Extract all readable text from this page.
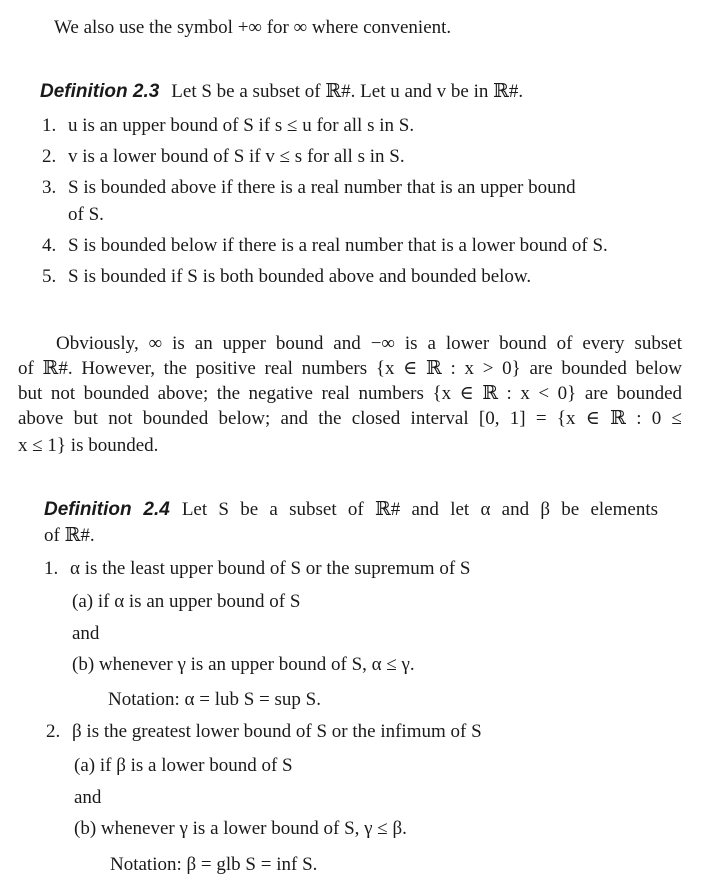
We also use the symbol +∞ for ∞ where convenient.
Definition 2.3 Let S be a subset of ℝ#. Let u and v be in ℝ#.
1. u is an upper bound of S if s ≤ u for all s in S.
2. v is a lower bound of S if v ≤ s for all s in S.
3. S is bounded above if there is a real number that is an upper bound
of S.
4. S is bounded below if there is a real number that is a lower bound of S.
5. S is bounded if S is both bounded above and bounded below.
Obviously, ∞ is an upper bound and −∞ is a lower bound of every subset
of ℝ#. However, the positive real numbers {x ∈ ℝ : x > 0} are bounded below
but not bounded above; the negative real numbers {x ∈ ℝ : x < 0} are bounded
above but not bounded below; and the closed interval [0, 1] = {x ∈ ℝ : 0 ≤
x ≤ 1} is bounded.
Definition 2.4 Let S be a subset of ℝ# and let α and β be elements
of ℝ#.
1. α is the least upper bound of S or the supremum of S
(a) if α is an upper bound of S
and
(b) whenever γ is an upper bound of S, α ≤ γ.
Notation: α = lub S = sup S.
2. β is the greatest lower bound of S or the infimum of S
(a) if β is a lower bound of S
and
(b) whenever γ is a lower bound of S, γ ≤ β.
Notation: β = glb S = inf S.
